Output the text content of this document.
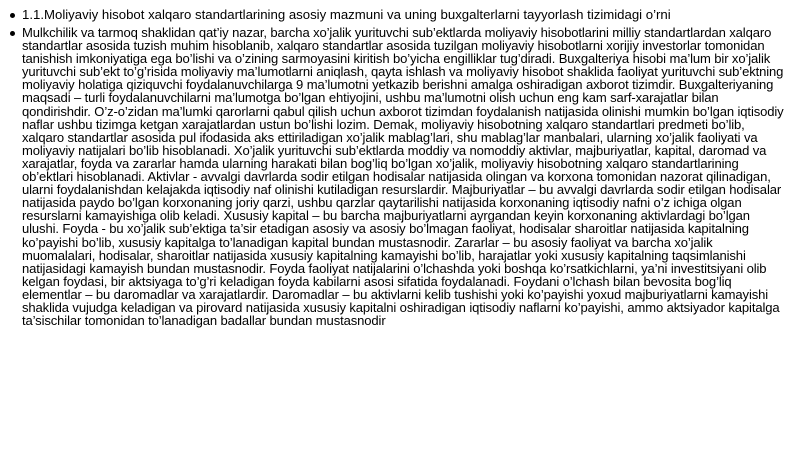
1.1.Moliyaviy hisobot xalqaro standartlarining asosiy mazmuni va uning buxgalterlarni tayyorlash tizimidagi o’rni
Mulkchilik va tarmoq shaklidan qat’iy nazar, barcha xo’jalik yurituvchi sub’ektlarda moliyaviy hisobotlarini milliy standartlardan xalqaro standartlar asosida tuzish muhim hisoblanib, xalqaro standartlar asosida tuzilgan moliyaviy hisobotlarni xorijiy investorlar tomonidan tanishish imkoniyatiga ega bo’lishi va o’zining sarmoyasini kiritish bo’yicha engilliklar tug’diradi. Buxgalteriya hisobi ma’lum bir xo’jalik yurituvchi sub’ekt to’g’risida moliyaviy ma’lumotlarni aniqlash, qayta ishlash va moliyaviy hisobot shaklida faoliyat yurituvchi sub’ektning moliyaviy holatiga qiziquvchi foydalanuvchilarga 9 ma’lumotni yetkazib berishni amalga oshiradigan axborot tizimdir. Buxgalteriyaning maqsadi – turli foydalanuvchilarni ma’lumotga bo’lgan ehtiyojini, ushbu ma’lumotni olish uchun eng kam sarf-xarajatlar bilan qondirishdir. O’z-o’zidan ma’lumki qarorlarni qabul qilish uchun axborot tizimdan foydalanish natijasida olinishi mumkin bo’lgan iqtisodiy naflar ushbu tizimga ketgan xarajatlardan ustun bo’lishi lozim. Demak, moliyaviy hisobotning xalqaro standartlari predmeti bo’lib, xalqaro standartlar asosida pul ifodasida aks ettiriladigan xo’jalik mablag’lari, shu mablag’lar manbalari, ularning xo’jalik faoliyati va moliyaviy natijalari bo’lib hisoblanadi. Xo’jalik yurituvchi sub’ektlarda moddiy va nomoddiy aktivlar, majburiyatlar, kapital, daromad va xarajatlar, foyda va zararlar hamda ularning harakati bilan bog’liq bo’lgan xo’jalik, moliyaviy hisobotning xalqaro standartlarining ob’ektlari hisoblanadi. Aktivlar - avvalgi davrlarda sodir etilgan hodisalar natijasida olingan va korxona tomonidan nazorat qilinadigan, ularni foydalanishdan kelajakda iqtisodiy naf olinishi kutiladigan resurslardir. Majburiyatlar – bu avvalgi davrlarda sodir etilgan hodisalar natijasida paydo bo’lgan korxonaning joriy qarzi, ushbu qarzlar qaytarilishi natijasida korxonaning iqtisodiy nafni o’z ichiga olgan resurslarni kamayishiga olib keladi. Xususiy kapital – bu barcha majburiyatlarni ayrgandan keyin korxonaning aktivlardagi bo’lgan ulushi. Foyda - bu xo’jalik sub’ektiga ta’sir etadigan asosiy va asosiy bo’lmagan faoliyat, hodisalar sharoitlar natijasida kapitalning ko’payishi bo’lib, xususiy kapitalga to’lanadigan kapital bundan mustasnodir. Zararlar – bu asosiy faoliyat va barcha xo’jalik muomalalari, hodisalar, sharoitlar natijasida xususiy kapitalning kamayishi bo’lib, harajatlar yoki xususiy kapitalning taqsimlanishi natijasidagi kamayish bundan mustasnodir. Foyda faoliyat natijalarini o’lchashda yoki boshqa ko’rsatkichlarni, ya’ni investitsiyani olib kelgan foydasi, bir aktsiyaga to’g’ri keladigan foyda kabilarni asosi sifatida foydalanadi. Foydani o’lchash bilan bevosita bog’liq elementlar – bu daromadlar va xarajatlardir. Daromadlar – bu aktivlarni kelib tushishi yoki ko’payishi yoxud majburiyatlarni kamayishi shaklida vujudga keladigan va pirovard natijasida xususiy kapitalni oshiradigan iqtisodiy naflarni ko’payishi, ammo aktsiyador kapitalga ta’sischilar tomonidan to’lanadigan badallar bundan mustasnodir
